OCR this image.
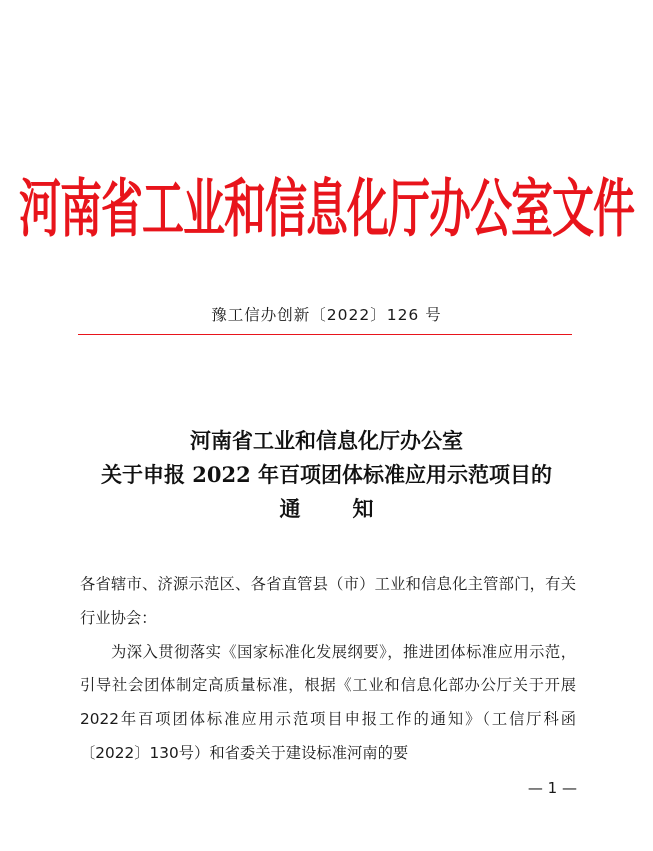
河南省工业和信息化厅办公室文件
豫工信办创新〔2022〕126 号
河南省工业和信息化厅办公室
关于申报 2022 年百项团体标准应用示范项目的
通知

各省辖市、济源示范区、各省直管县（市）工业和信息化主管部门，有关行业协会：

为深入贯彻落实《国家标准化发展纲要》，推进团体标准应用示范，引导社会团体制定高质量标准，根据《工业和信息化部办公厅关于开展2022年百项团体标准应用示范项目申报工作的通知》（工信厅科函〔2022〕130号）和省委关于建设标准河南的要

— 1 —
